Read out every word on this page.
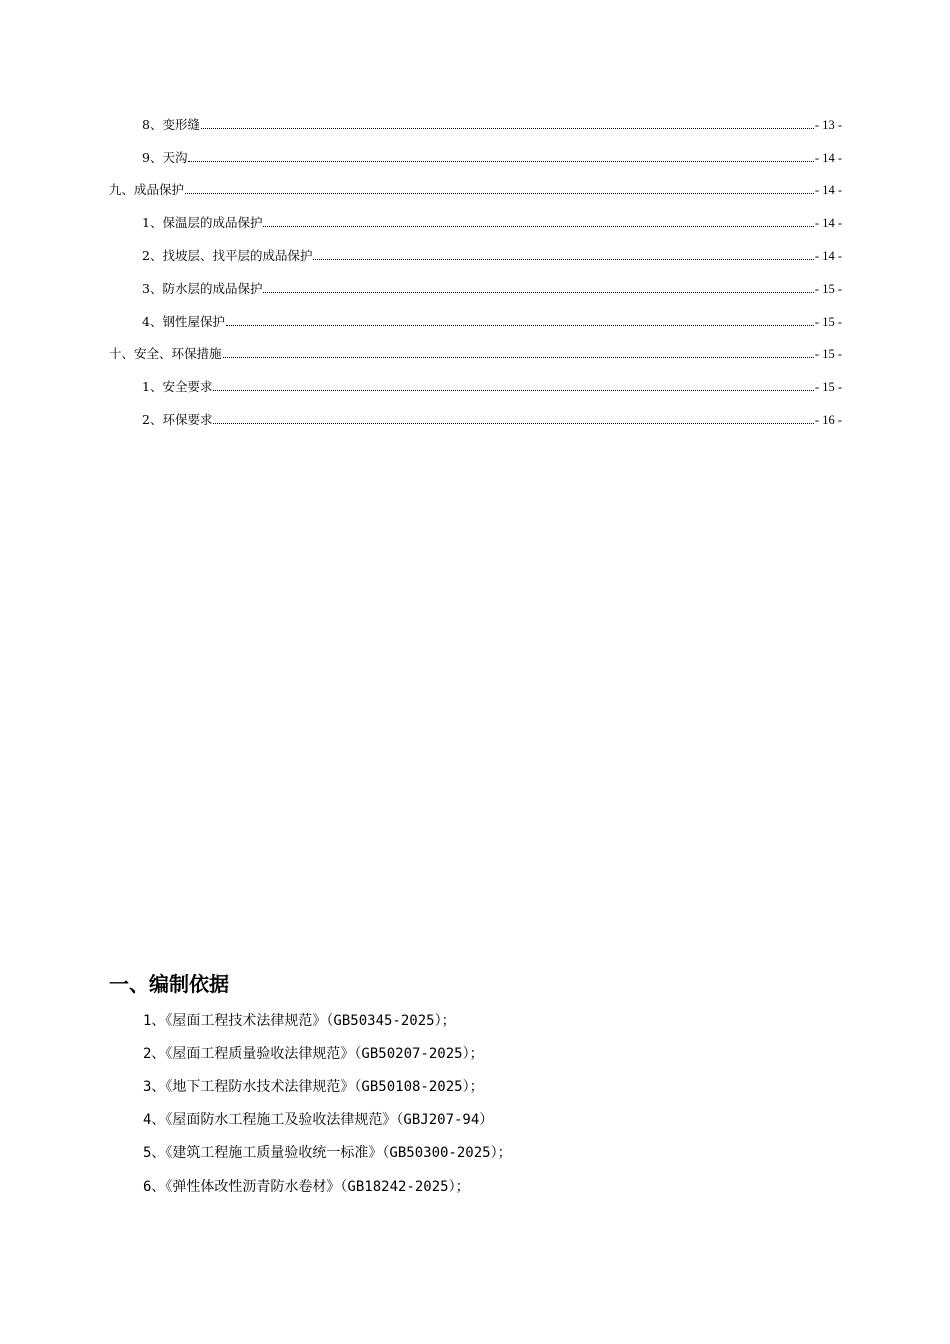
8、变形缝	- 13 -
9、天沟	- 14 -
九、成品保护	- 14 -
1、保温层的成品保护	- 14 -
2、找坡层、找平层的成品保护	- 14 -
3、防水层的成品保护	- 15 -
4、钢性屋保护	- 15 -
十、安全、环保措施	- 15 -
1、安全要求	- 15 -
2、环保要求	- 16 -
一、编制依据
1、《屋面工程技术法律规范》（GB50345-2025）；
2、《屋面工程质量验收法律规范》（GB50207-2025）；
3、《地下工程防水技术法律规范》（GB50108-2025）；
4、《屋面防水工程施工及验收法律规范》（GBJ207-94）
5、《建筑工程施工质量验收统一标准》（GB50300-2025）；
6、《弹性体改性沥青防水卷材》（GB18242-2025）；
